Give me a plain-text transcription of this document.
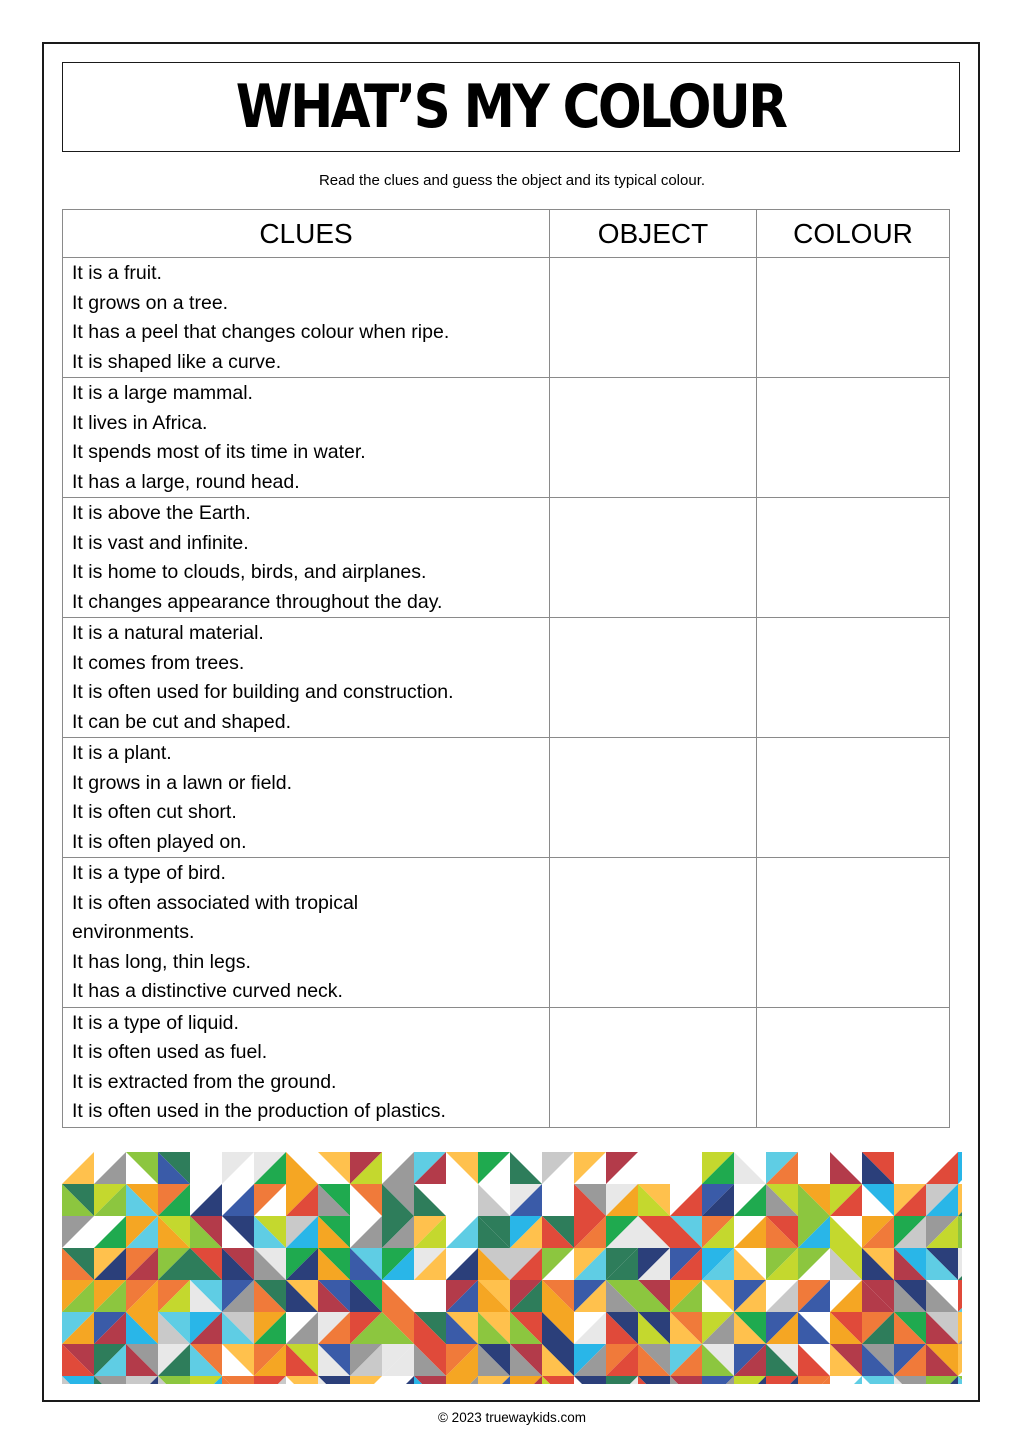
WHAT’S MY COLOUR
Read the clues and guess the object and its typical colour.
CLUES	OBJECT	COLOUR

It is a fruit.
It grows on a tree.
It has a peel that changes colour when ripe.
It is shaped like a curve.		

It is a large mammal.
It lives in Africa.
It spends most of its time in water.
It has a large, round head.		

It is above the Earth.
It is vast and infinite.
It is home to clouds, birds, and airplanes.
It changes appearance throughout the day.		

It is a natural material.
It comes from trees.
It is often used for building and construction.
It can be cut and shaped.		

It is a plant.
It grows in a lawn or field.
It is often cut short.
It is often played on.		

It is a type of bird.
It is often associated with tropical environments.
It has long, thin legs.
It has a distinctive curved neck.		

It is a type of liquid.
It is often used as fuel.
It is extracted from the ground.
It is often used in the production of plastics.		

© 2023 truewaykids.com
